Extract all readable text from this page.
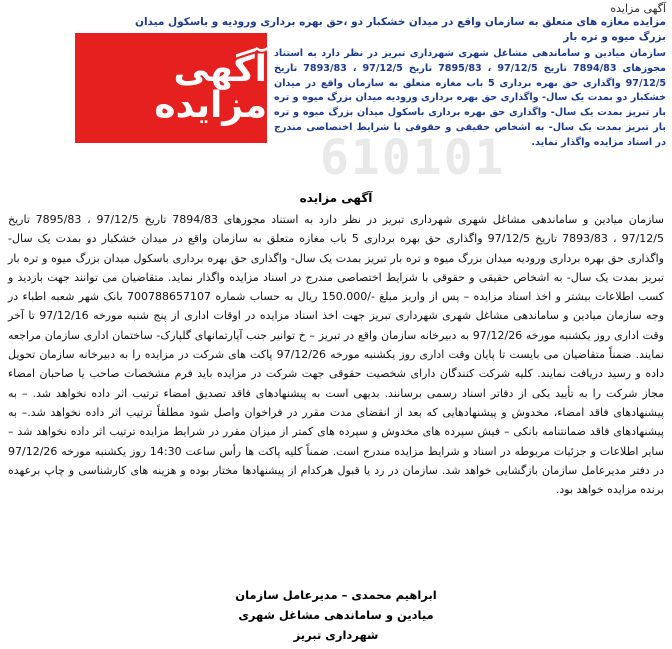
610101
آگهی مزایده
مزایده مغازه های متعلق به سازمان واقع در میدان خشکبار دو ،حق بهره برداری ورودیه و باسکول میدان بزرگ میوه و تره بار

سازمان میادین و ساماندهی مشاغل شهری شهرداری تبریز در نظر دارد به استناد مجوزهای 7894/83 تاریخ 97/12/5 ، 7895/83 تاریخ 97/12/5 ، 7893/83 تاریخ 97/12/5 واگذاری حق بهره برداری 5 باب مغازه متعلق به سازمان واقع در میدان خشکبار دو بمدت یک سال- واگذاری حق بهره برداری ورودیه میدان بزرگ میوه و تره بار تبریز بمدت یک سال- واگذاری حق بهره برداری باسکول میدان بزرگ میوه و تره بار تبریز بمدت یک سال- به اشخاص حقیقی و حقوقی با شرایط اختصاصی مندرج در اسناد مزایده واگذار نماید.

آگهی مزایده
آگهی مزایده

سازمان میادین و ساماندهی مشاغل شهری شهرداری تبریز در نظر دارد به استناد مجوزهای 7894/83 تاریخ 97/12/5 ، 7895/83 تاریخ 97/12/5 ، 7893/83 تاریخ 97/12/5 واگذاری حق بهره برداری 5 باب مغازه متعلق به سازمان واقع در میدان خشکبار دو بمدت یک سال- واگذاری حق بهره برداری ورودیه میدان بزرگ میوه و تره بار تبریز بمدت یک سال- واگذاری حق بهره برداری باسکول میدان بزرگ میوه و تره بار تبریز بمدت یک سال- به اشخاص حقیقی و حقوقی با شرایط اختصاصی مندرج در اسناد مزایده واگذار نماید. متقاضیان می توانند جهت بازدید و کسب اطلاعات بیشتر و اخذ اسناد مزایده – پس از واریز مبلغ -/150.000 ریال به حساب شماره 700788657107 بانک شهر شعبه اطباء در وجه سازمان میادین و ساماندهی مشاغل شهری شهرداری تبریز جهت اخذ اسناد مزایده در اوقات اداری از پنج شنبه مورخه 97/12/16 تا آخر وقت اداری روز یکشنبه مورخه 97/12/26 به دبیرخانه سازمان واقع در تبریز – خ توانیر جنب آپارتمانهای گلپارک- ساختمان اداری سازمان مراجعه نمایند. ضمناً متقاضیان می بایست تا پایان وقت اداری روز یکشنبه مورخه 97/12/26 پاکت های شرکت در مزایده را به دبیرخانه سازمان تحویل داده و رسید دریافت نمایند. کلیه شرکت کنندگان دارای شخصیت حقوقی جهت شرکت در مزایده باید فرم مشخصات صاحب یا صاحبان امضاء مجاز شرکت را به تأیید یکی از دفاتر اسناد رسمی برسانند. بدیهی است به پیشنهادهای فاقد تصدیق امضاء ترتیب اثر داده نخواهد شد. – به پیشنهادهای فاقد امضاء، مخدوش و پیشنهادهایی که بعد از انقضای مدت مقرر در فراخوان واصل شود مطلقاً ترتیب اثر داده نخواهد شد.– به پیشنهادهای فاقد ضمانتنامه بانکی – فیش سپرده های مخدوش و سپرده های کمتر از میزان مقرر در شرایط مزایده ترتیب اثر داده نخواهد شد – سایر اطلاعات و جزئیات مربوطه در اسناد و شرایط مزایده مندرج است. ضمناً کلیه پاکت ها رأس ساعت 14:30 روز یکشنبه مورخه 97/12/26 در دفتر مدیرعامل سازمان بازگشایی خواهد شد. سازمان در رد یا قبول هرکدام از پیشنهادها مختار بوده و هزینه های کارشناسی و چاپ برعهده برنده مزایده خواهد بود.

ابراهیم محمدی – مدیرعامل سازمان
میادین و ساماندهی مشاغل شهری
شهرداری تبریز
